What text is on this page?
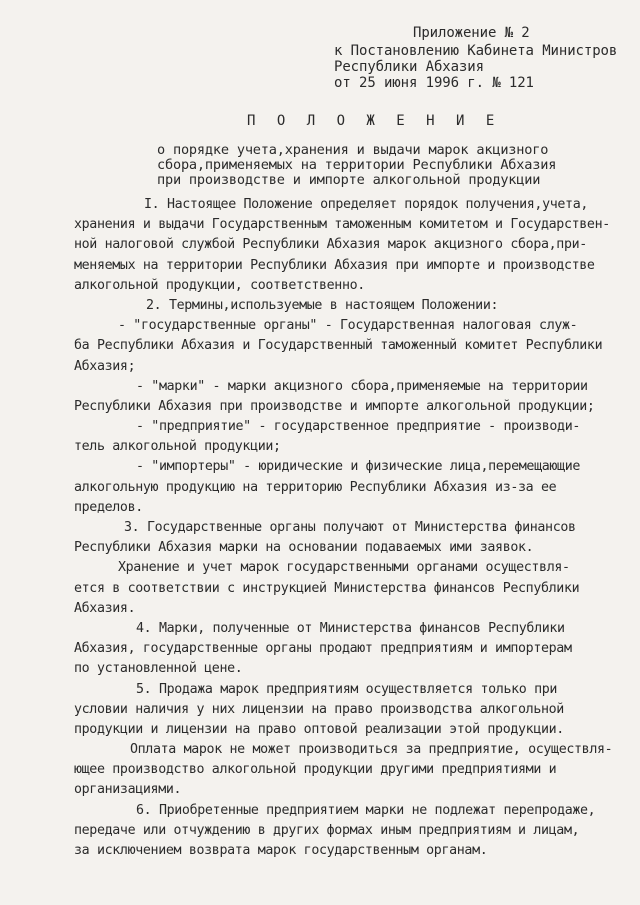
Приложение № 2
к Постановлению Кабинета Министров
Республики Абхазия
от 25 июня 1996 г. № 121
П О Л О Ж Е Н И Е
о порядке учета,хранения и выдачи марок акцизного
сбора,применяемых на территории Республики Абхазия
при производстве и импорте алкогольной продукции
I. Настоящее Положение определяет порядок получения,учета,
хранения и выдачи Государственным таможенным комитетом и Государствен-
ной налоговой службой Республики Абхазия марок акцизного сбора,при-
меняемых на территории Республики Абхазия при импорте и производстве
алкогольной продукции, соответственно.
2. Термины,используемые в настоящем Положении:
- "государственные органы" - Государственная налоговая служ-
ба Республики Абхазия и Государственный таможенный комитет Республики
Абхазия;
- "марки" - марки акцизного сбора,применяемые на территории
Республики Абхазия при производстве и импорте алкогольной продукции;
- "предприятие" - государственное предприятие - производи-
тель алкогольной продукции;
- "импортеры" - юридические и физические лица,перемещающие
алкогольную продукцию на территорию Республики Абхазия из-за ее
пределов.
3. Государственные органы получают от Министерства финансов
Республики Абхазия марки на основании подаваемых ими заявок.
Хранение и учет марок государственными органами осуществля-
ется в соответствии с инструкцией Министерства финансов Республики
Абхазия.
4. Марки, полученные от Министерства финансов Республики
Абхазия, государственные органы продают предприятиям и импортерам
по установленной цене.
5. Продажа марок предприятиям осуществляется только при
условии наличия у них лицензии на право производства алкогольной
продукции и лицензии на право оптовой реализации этой продукции.
Оплата марок не может производиться за предприятие, осуществля-
ющее производство алкогольной продукции другими предприятиями и
организациями.
6. Приобретенные предприятием марки не подлежат перепродаже,
передаче или отчуждению в других формах иным предприятиям и лицам,
за исключением возврата марок государственным органам.
